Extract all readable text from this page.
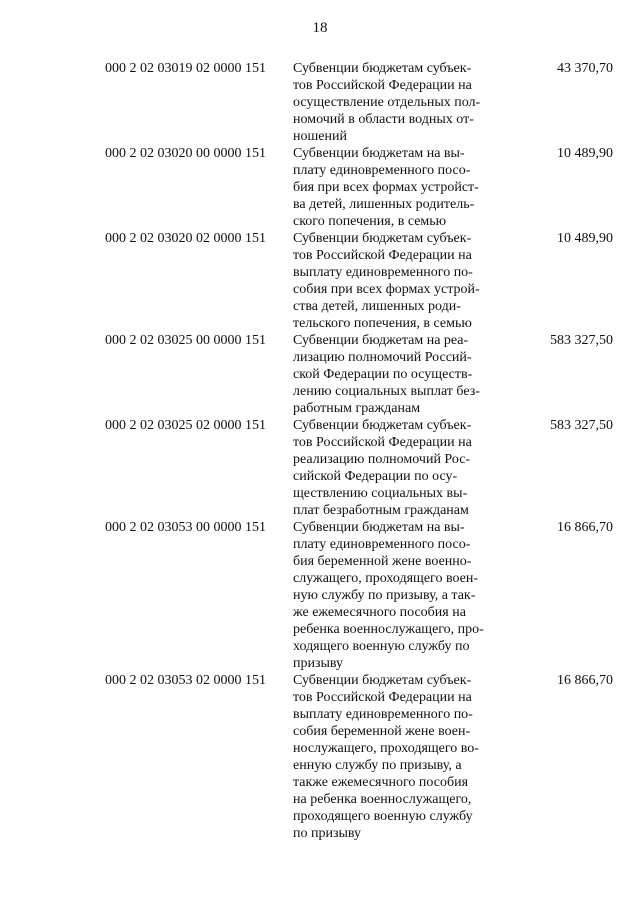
18
000 2 02 03019 02 0000 151 Субвенции бюджетам субъек-
тов Российской Федерации на
осуществление отдельных пол-
номочий в области водных от-
ношений
43 370,70
000 2 02 03020 00 0000 151 Субвенции бюджетам на вы-
плату единовременного посо-
бия при всех формах устройст-
ва детей, лишенных родитель-
ского попечения, в семью
10 489,90
000 2 02 03020 02 0000 151 Субвенции бюджетам субъек-
тов Российской Федерации на
выплату единовременного по-
собия при всех формах устрой-
ства детей, лишенных роди-
тельского попечения, в семью
10 489,90
000 2 02 03025 00 0000 151 Субвенции бюджетам на реа-
лизацию полномочий Россий-
ской Федерации по осуществ-
лению социальных выплат без-
работным гражданам
583 327,50
000 2 02 03025 02 0000 151 Субвенции бюджетам субъек-
тов Российской Федерации на
реализацию полномочий Рос-
сийской Федерации по осу-
ществлению социальных вы-
плат безработным гражданам
583 327,50
000 2 02 03053 00 0000 151 Субвенции бюджетам на вы-
плату единовременного посо-
бия беременной жене военно-
служащего, проходящего воен-
ную службу по призыву, а так-
же ежемесячного пособия на
ребенка военнослужащего, про-
ходящего военную службу по
призыву
16 866,70
000 2 02 03053 02 0000 151 Субвенции бюджетам субъек-
тов Российской Федерации на
выплату единовременного по-
собия беременной жене воен-
нослужащего, проходящего во-
енную службу по призыву, а
также ежемесячного пособия
на ребенка военнослужащего,
проходящего военную службу
по призыву
16 866,70
